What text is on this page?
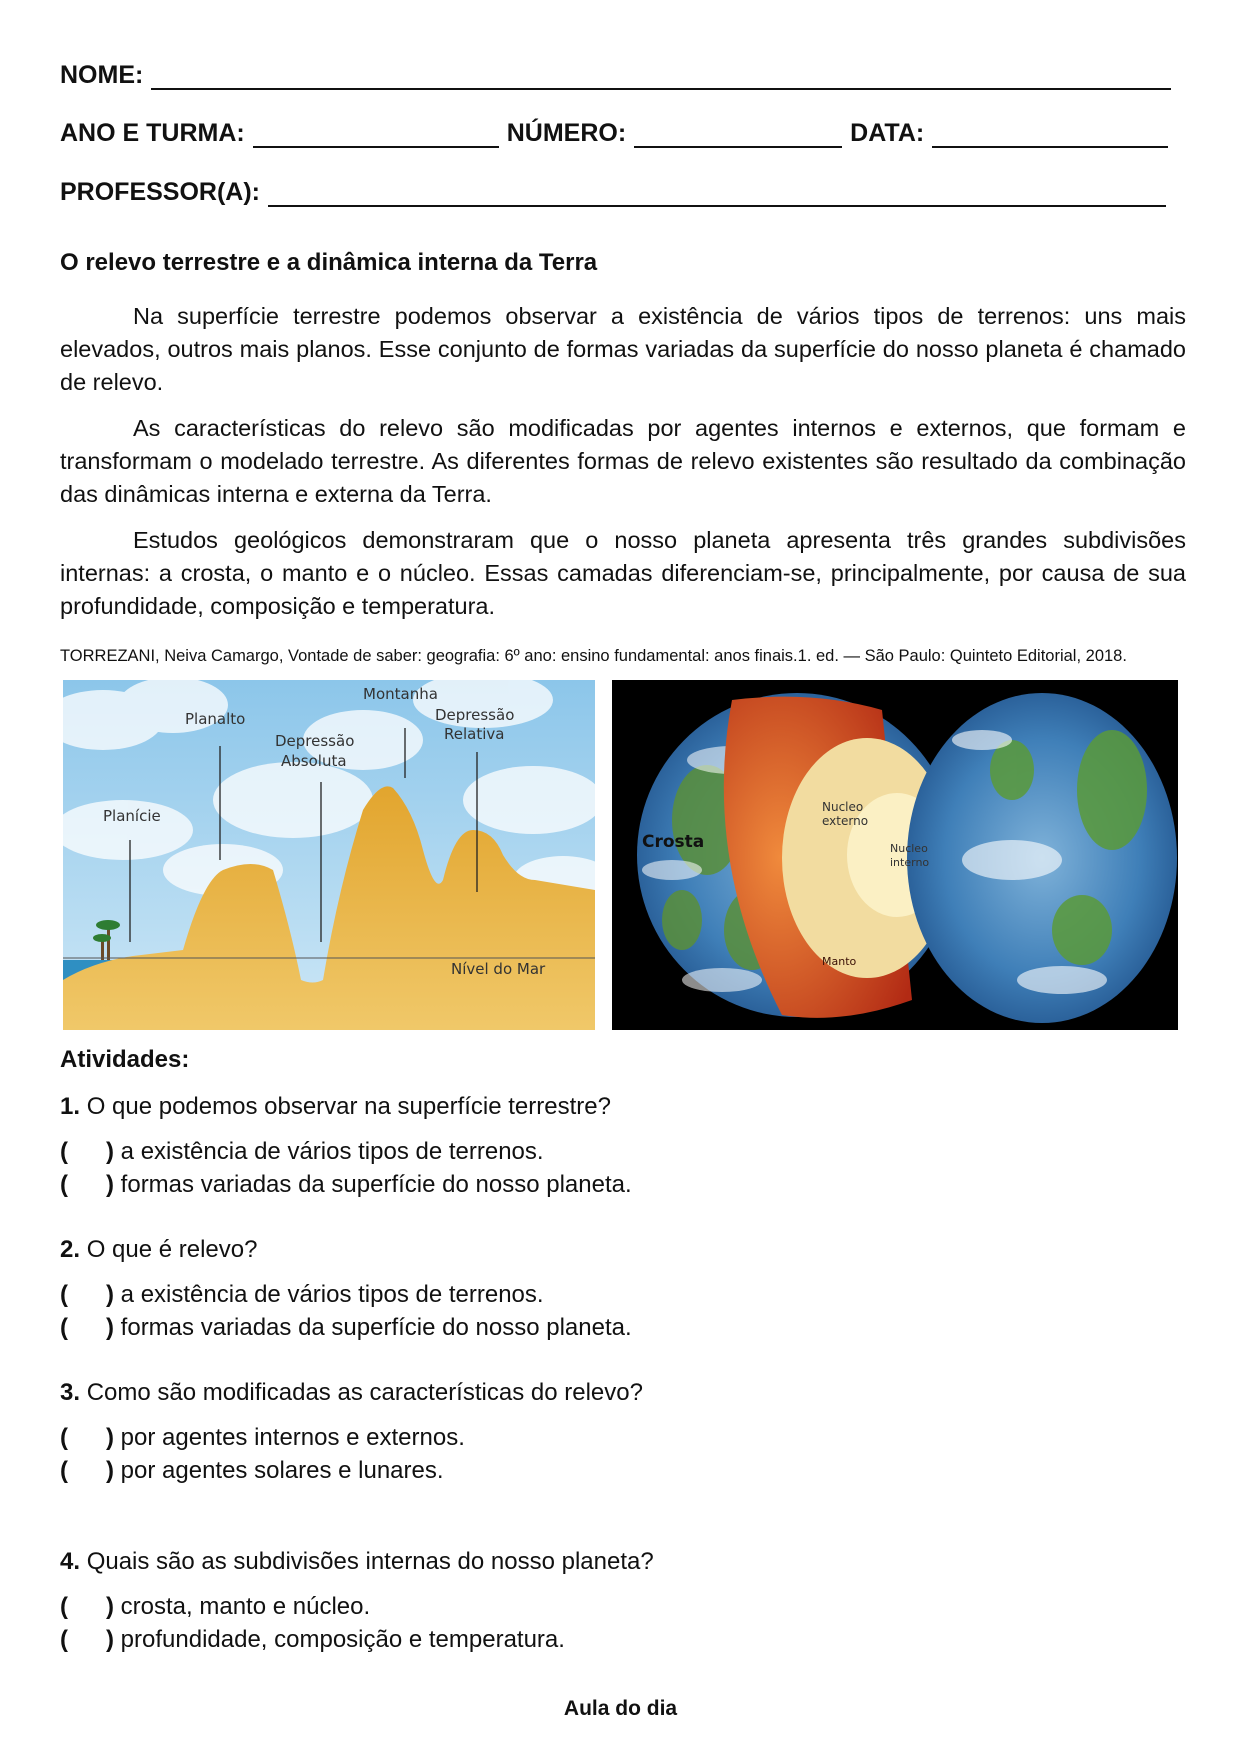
NOME:
ANO E TURMA:	NÚMERO:	DATA:
PROFESSOR(A):
O relevo terrestre e a dinâmica interna da Terra

Na superfície terrestre podemos observar a existência de vários tipos de terrenos: uns mais elevados, outros mais planos. Esse conjunto de formas variadas da superfície do nosso planeta é chamado de relevo.

As características do relevo são modificadas por agentes internos e externos, que formam e transformam o modelado terrestre. As diferentes formas de relevo existentes são resultado da combinação das dinâmicas interna e externa da Terra.

Estudos geológicos demonstraram que o nosso planeta apresenta três grandes subdivisões internas: a crosta, o manto e o núcleo. Essas camadas diferenciam-se, principalmente, por causa de sua profundidade, composição e temperatura.

TORREZANI, Neiva Camargo, Vontade de saber: geografia: 6º ano: ensino fundamental: anos finais.1. ed. — São Paulo: Quinteto Editorial, 2018.
Montanha
Planalto	Depressão
Relativa
Depressão
Absoluta
Planície
Nível do Mar
Crosta
Nucleo
externo
Nucleo
interno
Manto
Atividades:
1. O que podemos observar na superfície terrestre?
( ) a existência de vários tipos de terrenos.
( ) formas variadas da superfície do nosso planeta.
2. O que é relevo?
( ) a existência de vários tipos de terrenos.
( ) formas variadas da superfície do nosso planeta.
3. Como são modificadas as características do relevo?
( ) por agentes internos e externos.
( ) por agentes solares e lunares.
4. Quais são as subdivisões internas do nosso planeta?
( ) crosta, manto e núcleo.
( ) profundidade, composição e temperatura.
Aula do dia
